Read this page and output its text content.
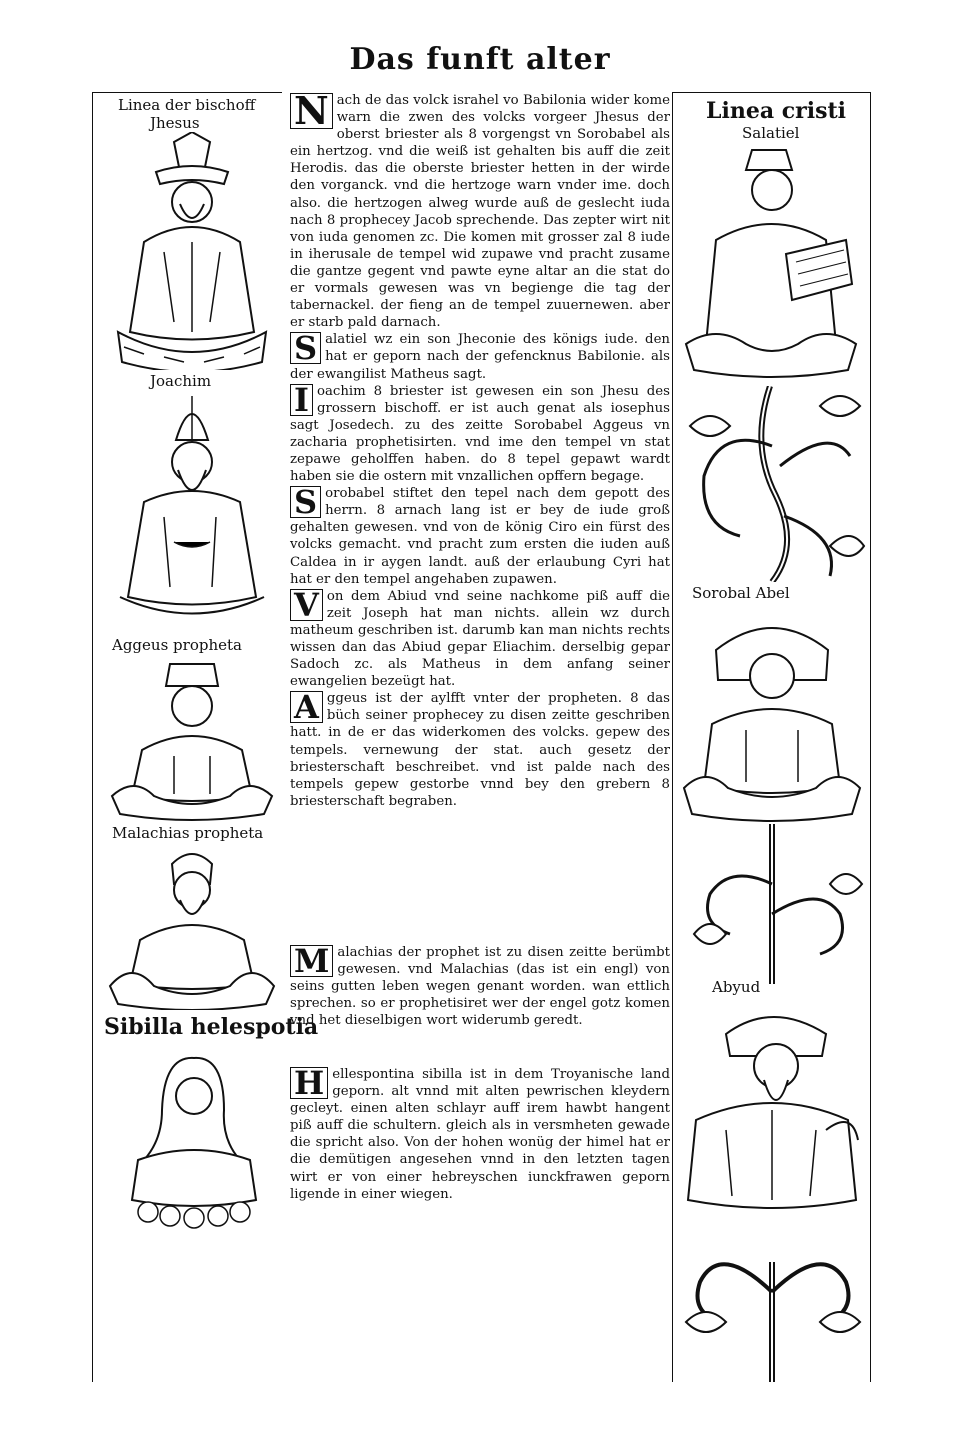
Das funft alter
Linea der bischoff
Jhesus
Joachim
Aggeus propheta
Malachias propheta
Sibilla helespotia
Linea cristi
Salatiel
Sorobal Abel
Abyud

N ach de das volck israhel vo Babilonia wider kome warn die zwen des volcks vorgeer Jhesus der oberst briester als 8 vorgengst vn Sorobabel als ein hertzog. vnd die weiß ist gehalten bis auff die zeit Herodis. das die oberste briester hetten in der wirde den vorganck. vnd die hertzoge warn vnder ime. doch also. die hertzogen alweg wurde auß de geslecht iuda nach 8 prophecey Jacob sprechende. Das zepter wirt nit von iuda genomen zc. Die komen mit grosser zal 8 iude in iherusale de tempel wid zupawe vnd pracht zusame die gantze gegent vnd pawte eyne altar an die stat do er vormals gewesen was vn begienge die tag der tabernackel. der fieng an de tempel zuuernewen. aber er starb pald darnach.

S alatiel wz ein son Jheconie des königs iude. den hat er geporn nach der gefencknus Babilonie. als der ewangilist Matheus sagt.

I oachim 8 briester ist gewesen ein son Jhesu des grossern bischoff. er ist auch genat als iosephus sagt Josedech. zu des zeitte Sorobabel Aggeus vn zacharia prophetisirten. vnd ime den tempel vn stat zepawe geholffen haben. do 8 tepel gepawt wardt haben sie die ostern mit vnzallichen opffern begage.

S orobabel stiftet den tepel nach dem gepott des herrn. 8 arnach lang ist er bey de iude groß gehalten gewesen. vnd von de könig Ciro ein fürst des volcks gemacht. vnd pracht zum ersten die iuden auß Caldea in ir aygen landt. auß der erlaubung Cyri hat hat er den tempel angehaben zupawen.

V on dem Abiud vnd seine nachkome piß auff die zeit Joseph hat man nichts. allein wz durch matheum geschriben ist. darumb kan man nichts rechts wissen dan das Abiud gepar Eliachim. derselbig gepar Sadoch zc. als Matheus in dem anfang seiner ewangelien bezeügt hat.

A ggeus ist der aylfft vnter der propheten. 8 das büch seiner prophecey zu disen zeitte geschriben hatt. in de er das widerkomen des volcks. gepew des tempels. vernewung der stat. auch gesetz der briesterschaft beschreibet. vnd ist palde nach des tempels gepew gestorbe vnnd bey den grebern 8 briesterschaft begraben.

M alachias der prophet ist zu disen zeitte berümbt gewesen. vnd Malachias (das ist ein engl) von seins gutten leben wegen genant worden. wan ettlich sprechen. so er prophetisiret wer der engel gotz komen vnd het dieselbigen wort widerumb geredt.

H ellespontina sibilla ist in dem Troyanische land geporn. alt vnnd mit alten pewrischen kleydern gecleyt. einen alten schlayr auff irem hawbt hangent piß auff die schultern. gleich als in versmheten gewade die spricht also. Von der hohen wonüg der himel hat er die demütigen angesehen vnnd in den letzten tagen wirt er von einer hebreyschen iunckfrawen geporn ligende in einer wiegen.
